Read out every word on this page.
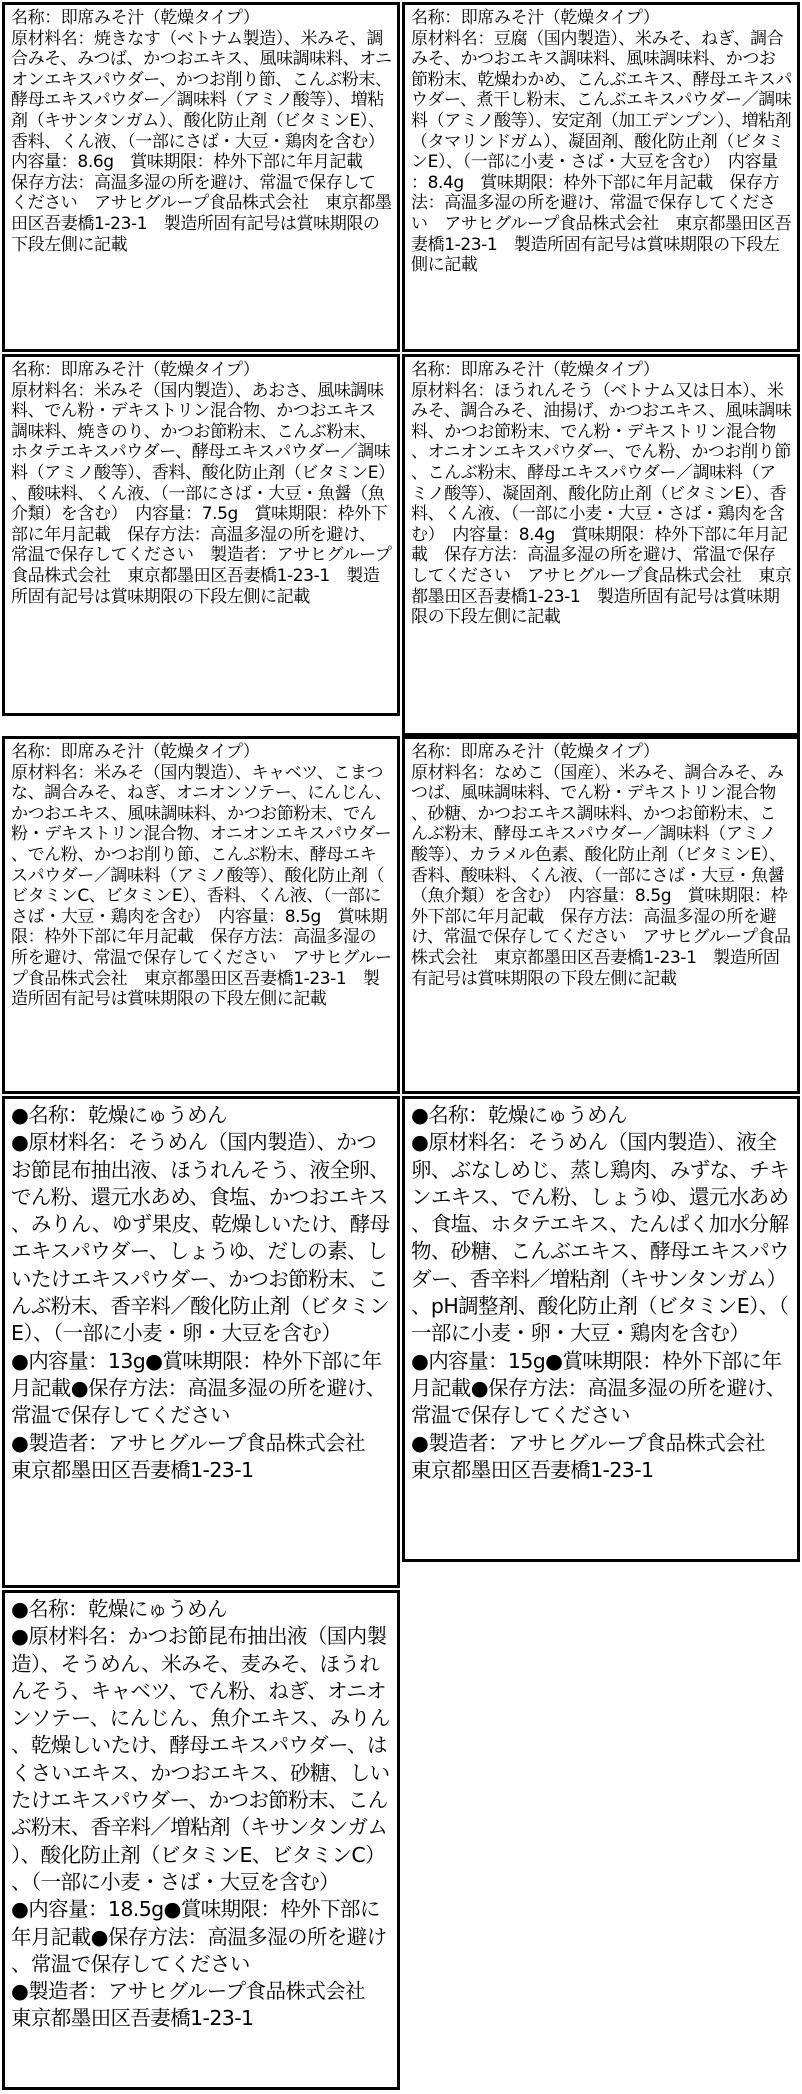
名称：即席みそ汁（乾燥タイプ）

原材料名：焼きなす（ベトナム製造）、米みそ、調合みそ、みつば、かつおエキス、風味調味料、オニオンエキスパウダー、かつお削り節、こんぶ粉末、酵母エキスパウダー／調味料（アミノ酸等）、増粘剤（キサンタンガム）、酸化防止剤（ビタミンE）、香料、くん液、（一部にさば・大豆・鶏肉を含む）　内容量：8.6g　賞味期限：枠外下部に年月記載　保存方法：高温多湿の所を避け、常温で保存してください　アサヒグループ食品株式会社　東京都墨田区吾妻橋1-23-1　製造所固有記号は賞味期限の下段左側に記載

名称：即席みそ汁（乾燥タイプ）

原材料名：豆腐（国内製造）、米みそ、ねぎ、調合みそ、かつおエキス調味料、風味調味料、かつお節粉末、乾燥わかめ、こんぶエキス、酵母エキスパウダー、煮干し粉末、こんぶエキスパウダー／調味料（アミノ酸等）、安定剤（加工デンプン）、増粘剤（タマリンドガム）、凝固剤、酸化防止剤（ビタミンE）、（一部に小麦・さば・大豆を含む）　内容量：8.4g　賞味期限：枠外下部に年月記載　保存方法：高温多湿の所を避け、常温で保存してください　アサヒグループ食品株式会社　東京都墨田区吾妻橋1-23-1　製造所固有記号は賞味期限の下段左側に記載

名称：即席みそ汁（乾燥タイプ）

原材料名：米みそ（国内製造）、あおさ、風味調味料、でん粉・デキストリン混合物、かつおエキス調味料、焼きのり、かつお節粉末、こんぶ粉末、ホタテエキスパウダー、酵母エキスパウダー／調味料（アミノ酸等）、香料、酸化防止剤（ビタミンE）、酸味料、くん液、（一部にさば・大豆・魚醤（魚介類）を含む）　内容量：7.5g　賞味期限：枠外下部に年月記載　保存方法：高温多湿の所を避け、常温で保存してください　製造者：アサヒグループ食品株式会社　東京都墨田区吾妻橋1-23-1　製造所固有記号は賞味期限の下段左側に記載

名称：即席みそ汁（乾燥タイプ）

原材料名：ほうれんそう（ベトナム又は日本）、米みそ、調合みそ、油揚げ、かつおエキス、風味調味料、かつお節粉末、でん粉・デキストリン混合物、オニオンエキスパウダー、でん粉、かつお削り節、こんぶ粉末、酵母エキスパウダー／調味料（アミノ酸等）、凝固剤、酸化防止剤（ビタミンE）、香料、くん液、（一部に小麦・大豆・さば・鶏肉を含む）　内容量：8.4g　賞味期限：枠外下部に年月記載　保存方法：高温多湿の所を避け、常温で保存してください　アサヒグループ食品株式会社　東京都墨田区吾妻橋1-23-1　製造所固有記号は賞味期限の下段左側に記載

名称：即席みそ汁（乾燥タイプ）

原材料名：米みそ（国内製造）、キャベツ、こまつな、調合みそ、ねぎ、オニオンソテー、にんじん、かつおエキス、風味調味料、かつお節粉末、でん粉・デキストリン混合物、オニオンエキスパウダー、でん粉、かつお削り節、こんぶ粉末、酵母エキスパウダー／調味料（アミノ酸等）、酸化防止剤（ビタミンC、ビタミンE）、香料、くん液、（一部にさば・大豆・鶏肉を含む）　内容量：8.5g　賞味期限：枠外下部に年月記載　保存方法：高温多湿の所を避け、常温で保存してください　アサヒグループ食品株式会社　東京都墨田区吾妻橋1-23-1　製造所固有記号は賞味期限の下段左側に記載

名称：即席みそ汁（乾燥タイプ）

原材料名：なめこ（国産）、米みそ、調合みそ、みつば、風味調味料、でん粉・デキストリン混合物、砂糖、かつおエキス調味料、かつお節粉末、こんぶ粉末、酵母エキスパウダー／調味料（アミノ酸等）、カラメル色素、酸化防止剤（ビタミンE）、香料、酸味料、くん液、（一部にさば・大豆・魚醤（魚介類）を含む）　内容量：8.5g　賞味期限：枠外下部に年月記載　保存方法：高温多湿の所を避け、常温で保存してください　アサヒグループ食品株式会社　東京都墨田区吾妻橋1-23-1　製造所固有記号は賞味期限の下段左側に記載

●名称：乾燥にゅうめん

●原材料名：そうめん（国内製造）、かつお節昆布抽出液、ほうれんそう、液全卵、でん粉、還元水あめ、食塩、かつおエキス、みりん、ゆず果皮、乾燥しいたけ、酵母エキスパウダー、しょうゆ、だしの素、しいたけエキスパウダー、かつお節粉末、こんぶ粉末、香辛料／酸化防止剤（ビタミンE）、（一部に小麦・卵・大豆を含む）

●内容量：13g●賞味期限：枠外下部に年月記載●保存方法：高温多湿の所を避け、常温で保存してください

●製造者：アサヒグループ食品株式会社　東京都墨田区吾妻橋1-23-1

●名称：乾燥にゅうめん

●原材料名：そうめん（国内製造）、液全卵、ぶなしめじ、蒸し鶏肉、みずな、チキンエキス、でん粉、しょうゆ、還元水あめ、食塩、ホタテエキス、たんぱく加水分解物、砂糖、こんぶエキス、酵母エキスパウダー、香辛料／増粘剤（キサンタンガム）、pH調整剤、酸化防止剤（ビタミンE）、（一部に小麦・卵・大豆・鶏肉を含む）

●内容量：15g●賞味期限：枠外下部に年月記載●保存方法：高温多湿の所を避け、常温で保存してください

●製造者：アサヒグループ食品株式会社　東京都墨田区吾妻橋1-23-1

●名称：乾燥にゅうめん

●原材料名：かつお節昆布抽出液（国内製造）、そうめん、米みそ、麦みそ、ほうれんそう、キャベツ、でん粉、ねぎ、オニオンソテー、にんじん、魚介エキス、みりん、乾燥しいたけ、酵母エキスパウダー、はくさいエキス、かつおエキス、砂糖、しいたけエキスパウダー、かつお節粉末、こんぶ粉末、香辛料／増粘剤（キサンタンガム）、酸化防止剤（ビタミンE、ビタミンC）、（一部に小麦・さば・大豆を含む）

●内容量：18.5g●賞味期限：枠外下部に年月記載●保存方法：高温多湿の所を避け、常温で保存してください

●製造者：アサヒグループ食品株式会社　東京都墨田区吾妻橋1-23-1
